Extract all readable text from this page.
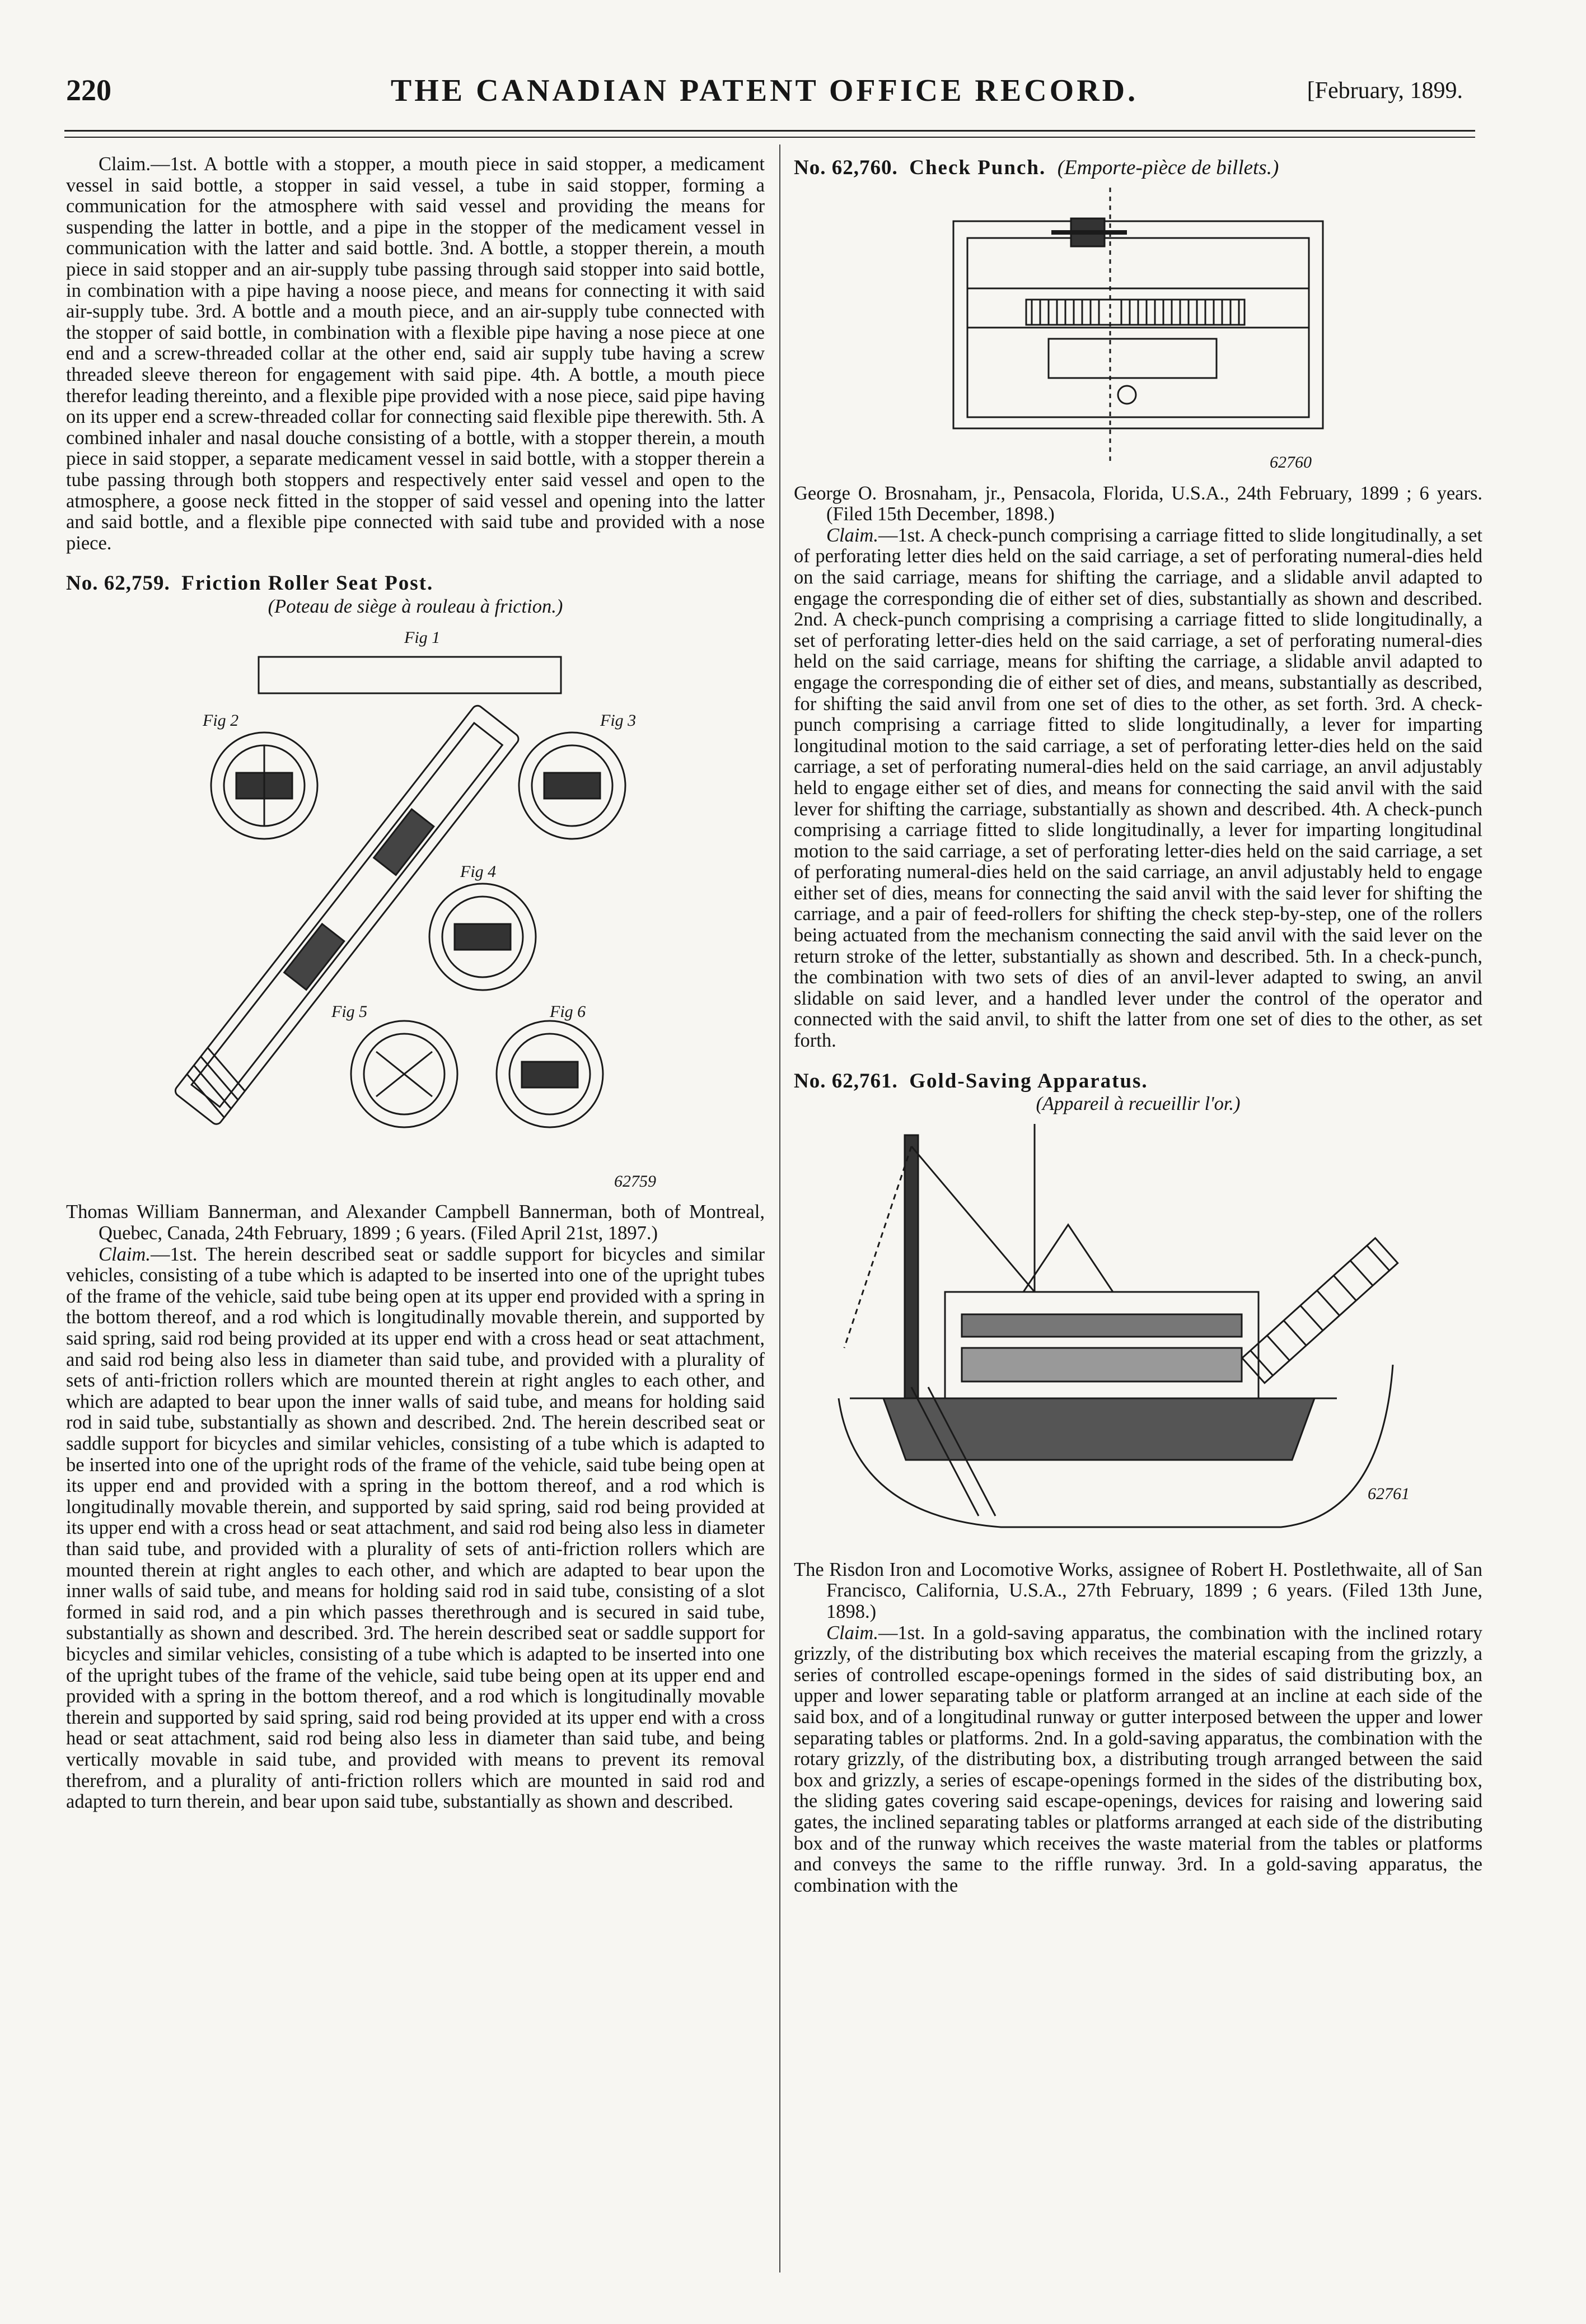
220	THE CANADIAN PATENT OFFICE RECORD.	[February, 1899.

Claim.—1st. A bottle with a stopper, a mouth piece in said stopper, a medicament vessel in said bottle, a stopper in said vessel, a tube in said stopper, forming a communication for the atmosphere with said vessel and providing the means for suspending the latter in bottle, and a pipe in the stopper of the medicament vessel in communication with the latter and said bottle. 3nd. A bottle, a stopper therein, a mouth piece in said stopper and an air-supply tube passing through said stopper into said bottle, in combination with a pipe having a noose piece, and means for connecting it with said air-supply tube. 3rd. A bottle and a mouth piece, and an air-supply tube connected with the stopper of said bottle, in combination with a flexible pipe having a nose piece at one end and a screw-threaded collar at the other end, said air supply tube having a screw threaded sleeve thereon for engagement with said pipe. 4th. A bottle, a mouth piece therefor leading thereinto, and a flexible pipe provided with a nose piece, said pipe having on its upper end a screw-threaded collar for connecting said flexible pipe therewith. 5th. A combined inhaler and nasal douche consisting of a bottle, with a stopper therein, a mouth piece in said stopper, a separate medicament vessel in said bottle, with a stopper therein a tube passing through both stoppers and respectively enter said vessel and open to the atmosphere, a goose neck fitted in the stopper of said vessel and opening into the latter and said bottle, and a flexible pipe connected with said tube and provided with a nose piece.

No. 62,759. Friction Roller Seat Post.
(Poteau de siège à rouleau à friction.)
Fig 1
Fig 2	Fig 3
Fig 4
Fig 5	Fig 6
62759

Thomas William Bannerman, and Alexander Campbell Bannerman, both of Montreal, Quebec, Canada, 24th February, 1899 ; 6 years. (Filed April 21st, 1897.)

Claim.—1st. The herein described seat or saddle support for bicycles and similar vehicles, consisting of a tube which is adapted to be inserted into one of the upright tubes of the frame of the vehicle, said tube being open at its upper end provided with a spring in the bottom thereof, and a rod which is longitudinally movable therein, and supported by said spring, said rod being provided at its upper end with a cross head or seat attachment, and said rod being also less in diameter than said tube, and provided with a plurality of sets of anti-friction rollers which are mounted therein at right angles to each other, and which are adapted to bear upon the inner walls of said tube, and means for holding said rod in said tube, substantially as shown and described. 2nd. The herein described seat or saddle support for bicycles and similar vehicles, consisting of a tube which is adapted to be inserted into one of the upright rods of the frame of the vehicle, said tube being open at its upper end and provided with a spring in the bottom thereof, and a rod which is longitudinally movable therein, and supported by said spring, said rod being provided at its upper end with a cross head or seat attachment, and said rod being also less in diameter than said tube, and provided with a plurality of sets of anti-friction rollers which are mounted therein at right angles to each other, and which are adapted to bear upon the inner walls of said tube, and means for holding said rod in said tube, consisting of a slot formed in said rod, and a pin which passes therethrough and is secured in said tube, substantially as shown and described. 3rd. The herein described seat or saddle support for bicycles and similar vehicles, consisting of a tube which is adapted to be inserted into one of the upright tubes of the frame of the vehicle, said tube being open at its upper end and provided with a spring in the bottom thereof, and a rod which is longitudinally movable therein and supported by said spring, said rod being provided at its upper end with a cross head or seat attachment, said rod being also less in diameter than said tube, and being vertically movable in said tube, and provided with means to prevent its removal therefrom, and a plurality of anti-friction rollers which are mounted in said rod and adapted to turn therein, and bear upon said tube, substantially as shown and described.

No. 62,760. Check Punch. (Emporte-pièce de billets.)
62760

George O. Brosnaham, jr., Pensacola, Florida, U.S.A., 24th February, 1899 ; 6 years. (Filed 15th December, 1898.)

Claim.—1st. A check-punch comprising a carriage fitted to slide longitudinally, a set of perforating letter dies held on the said carriage, a set of perforating numeral-dies held on the said carriage, means for shifting the carriage, and a slidable anvil adapted to engage the corresponding die of either set of dies, substantially as shown and described. 2nd. A check-punch comprising a comprising a carriage fitted to slide longitudinally, a set of perforating letter-dies held on the said carriage, a set of perforating numeral-dies held on the said carriage, means for shifting the carriage, a slidable anvil adapted to engage the corresponding die of either set of dies, and means, substantially as described, for shifting the said anvil from one set of dies to the other, as set forth. 3rd. A check-punch comprising a carriage fitted to slide longitudinally, a lever for imparting longitudinal motion to the said carriage, a set of perforating letter-dies held on the said carriage, a set of perforating numeral-dies held on the said carriage, an anvil adjustably held to engage either set of dies, and means for connecting the said anvil with the said lever for shifting the carriage, substantially as shown and described. 4th. A check-punch comprising a carriage fitted to slide longitudinally, a lever for imparting longitudinal motion to the said carriage, a set of perforating letter-dies held on the said carriage, a set of perforating numeral-dies held on the said carriage, an anvil adjustably held to engage either set of dies, means for connecting the said anvil with the said lever for shifting the carriage, and a pair of feed-rollers for shifting the check step-by-step, one of the rollers being actuated from the mechanism connecting the said anvil with the said lever on the return stroke of the letter, substantially as shown and described. 5th. In a check-punch, the combination with two sets of dies of an anvil-lever adapted to swing, an anvil slidable on said lever, and a handled lever under the control of the operator and connected with the said anvil, to shift the latter from one set of dies to the other, as set forth.

No. 62,761. Gold-Saving Apparatus.
(Appareil à recueillir l'or.)
62761

The Risdon Iron and Locomotive Works, assignee of Robert H. Postlethwaite, all of San Francisco, California, U.S.A., 27th February, 1899 ; 6 years. (Filed 13th June, 1898.)

Claim.—1st. In a gold-saving apparatus, the combination with the inclined rotary grizzly, of the distributing box which receives the material escaping from the grizzly, a series of controlled escape-openings formed in the sides of said distributing box, an upper and lower separating table or platform arranged at an incline at each side of the said box, and of a longitudinal runway or gutter interposed between the upper and lower separating tables or platforms. 2nd. In a gold-saving apparatus, the combination with the rotary grizzly, of the distributing box, a distributing trough arranged between the said box and grizzly, a series of escape-openings formed in the sides of the distributing box, the sliding gates covering said escape-openings, devices for raising and lowering said gates, the inclined separating tables or platforms arranged at each side of the distributing box and of the runway which receives the waste material from the tables or platforms and conveys the same to the riffle runway. 3rd. In a gold-saving apparatus, the combination with the
